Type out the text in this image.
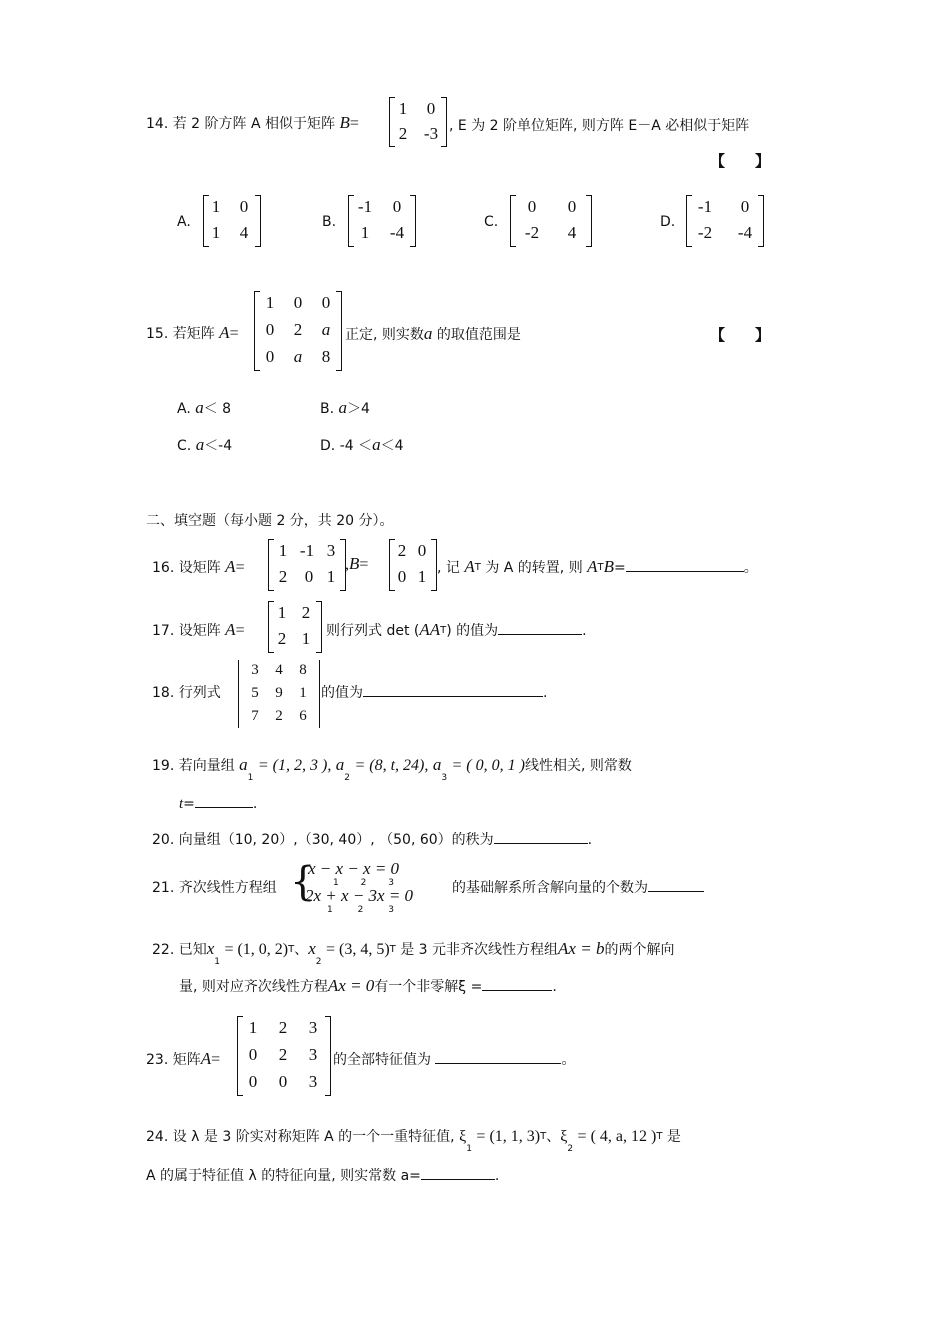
14. 若 2 阶方阵 A 相似于矩阵 B=
1	0
2 -3 , E 为 2 阶单位矩阵, 则方阵 E－A 必相似于矩阵
【　　】
A.
1	0
1	4
B.
-1	0
1	-4
C.
0	0
-2	4
D.
-1	0
-2	-4
15. 若矩阵 A=
1	0	0
0	2	a
0	a	8
正定, 则实数a 的取值范围是	【　　】
A. a＜ 8	B. a＞4
C. a＜-4	D. -4 ＜a＜4
二、填空题（每小题 2 分，共 20 分）。
16. 设矩阵 A=
1 -1 3
2	0 1
,B=
2 0
0 1 , 记 AT 为 A 的转置, 则 ATB=	。
17. 设矩阵 A=
1 2
2 1	则行列式 det (AAT) 的值为	.
18. 行列式
3	4	8
5	9	1
7	2	6
的值为	.
19. 若向量组 $a_1 = (1$, 2, 3 ), $a_2 = (8$, t, 24), $a_3$ = ( 0, 0, 1 )线性相关, 则常数
t=	.
20. 向量组（10, 20）,（30, 40）, （50, 60）的秩为	.
21. 齐次线性方程组 {
x − x − x = 0
1 2 3
2x + x − 3x = 0
1	2	3
的基础解系所含解向量的个数为
22. 已知$x_1 = (1$, 0, 2)T、$x_2 = (3$, 4, 5)T 是 3 元非齐次线性方程组Ax = b的两个解向
量, 则对应齐次线性方程Ax = 0有一个非零解ξ =	.
23. 矩阵A=
1	2	3
0	2	3
0	0	3
的全部特征值为	。
24. 设 λ 是 3 阶实对称矩阵 A 的一个一重特征值, $\xi_1 = (1$, 1, 3)T、$\xi_2$ = ( 4, a, 12 )T 是
A 的属于特征值 λ 的特征向量, 则实常数 a=	.
